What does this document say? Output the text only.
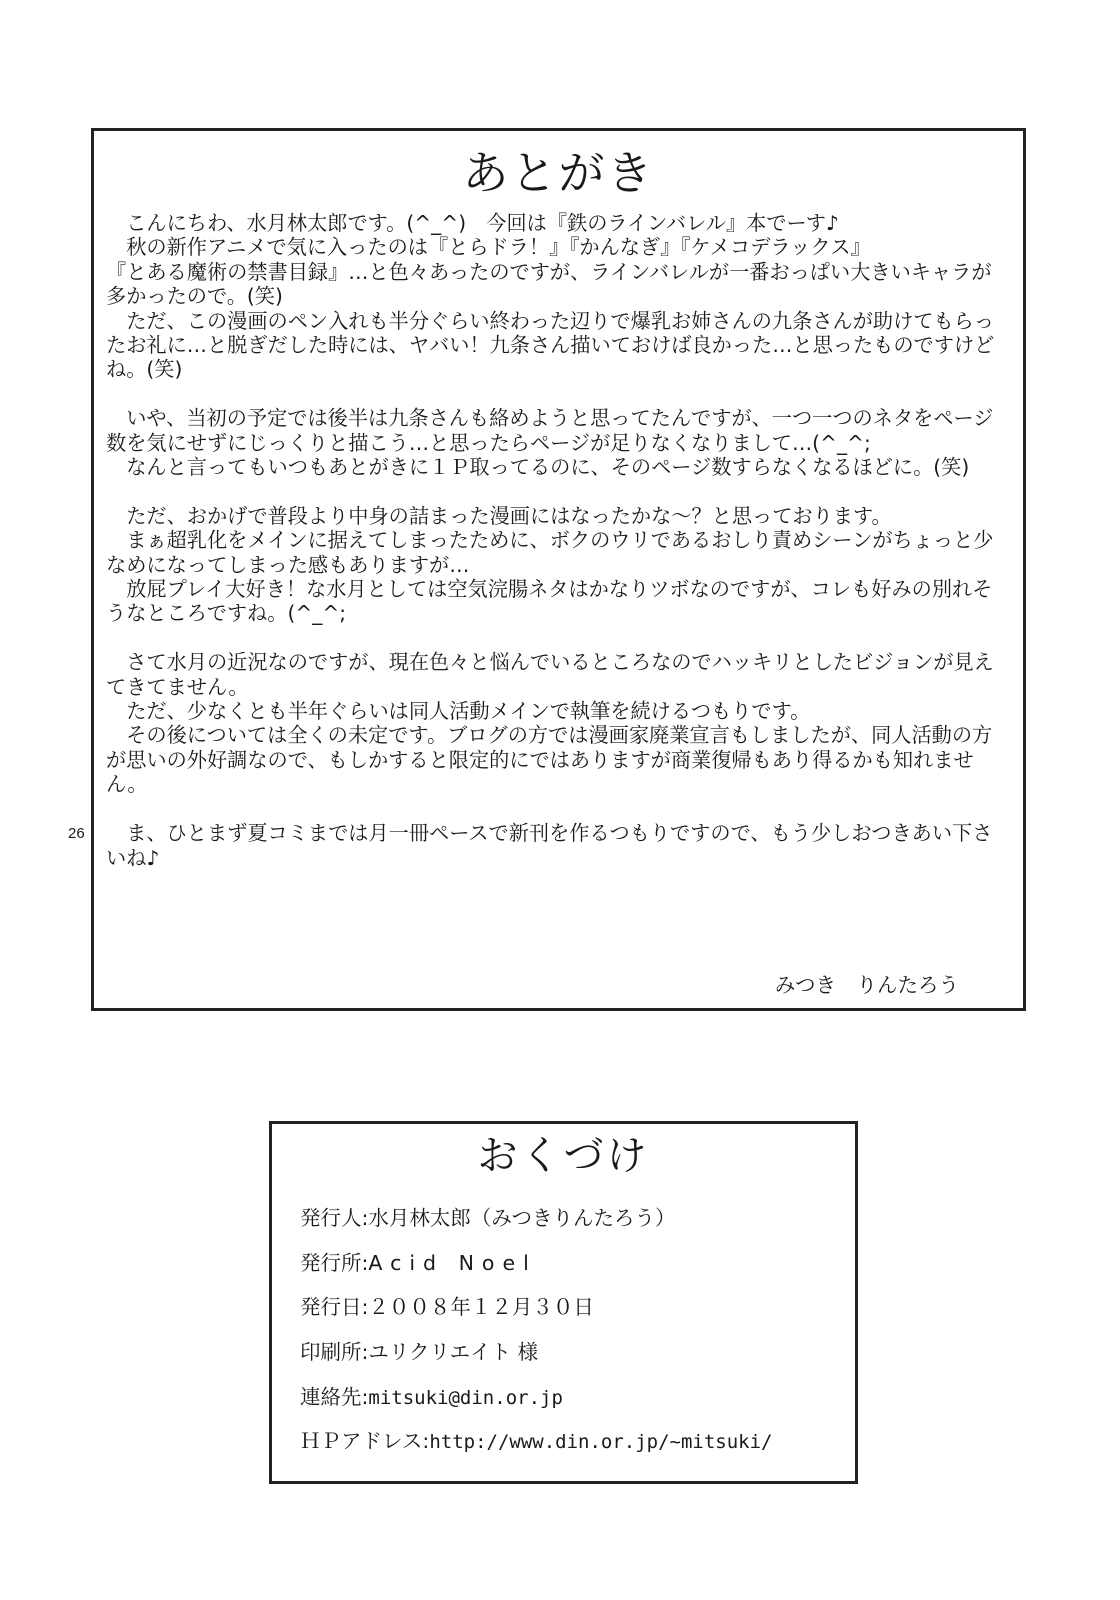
26
あとがき

こんにちわ、水月林太郎です。(^_^)　今回は『鉄のラインバレル』本でーす♪

秋の新作アニメで気に入ったのは『とらドラ！』『かんなぎ』『ケメコデラックス』
『とある魔術の禁書目録』…と色々あったのですが、ラインバレルが一番おっぱい大きいキャラが多かったので。(笑)

ただ、この漫画のペン入れも半分ぐらい終わった辺りで爆乳お姉さんの九条さんが助けてもらったお礼に…と脱ぎだした時には、ヤバい！九条さん描いておけば良かった…と思ったものですけどね。(笑)

いや、当初の予定では後半は九条さんも絡めようと思ってたんですが、一つ一つのネタをページ数を気にせずにじっくりと描こう…と思ったらページが足りなくなりまして…(^_^;

なんと言ってもいつもあとがきに１Ｐ取ってるのに、そのページ数すらなくなるほどに。(笑)

ただ、おかげで普段より中身の詰まった漫画にはなったかな～？と思っております。

まぁ超乳化をメインに据えてしまったために、ボクのウリであるおしり責めシーンがちょっと少なめになってしまった感もありますが…

放屁プレイ大好き！な水月としては空気浣腸ネタはかなりツボなのですが、コレも好みの別れそうなところですね。(^_^;

さて水月の近況なのですが、現在色々と悩んでいるところなのでハッキリとしたビジョンが見えてきてません。

ただ、少なくとも半年ぐらいは同人活動メインで執筆を続けるつもりです。

その後については全くの未定です。ブログの方では漫画家廃業宣言もしましたが、同人活動の方が思いの外好調なので、もしかすると限定的にではありますが商業復帰もあり得るかも知れません。

ま、ひとまず夏コミまでは月一冊ペースで新刊を作るつもりですので、もう少しおつきあい下さいね♪

みつき　りんたろう
おくづけ
発行人:水月林太郎（みつきりんたろう）
発行所:Acid Noel
発行日:２００８年１２月３０日
印刷所:ユリクリエイト 様
連絡先:mitsuki@din.or.jp
ＨＰアドレス:http://www.din.or.jp/~mitsuki/
